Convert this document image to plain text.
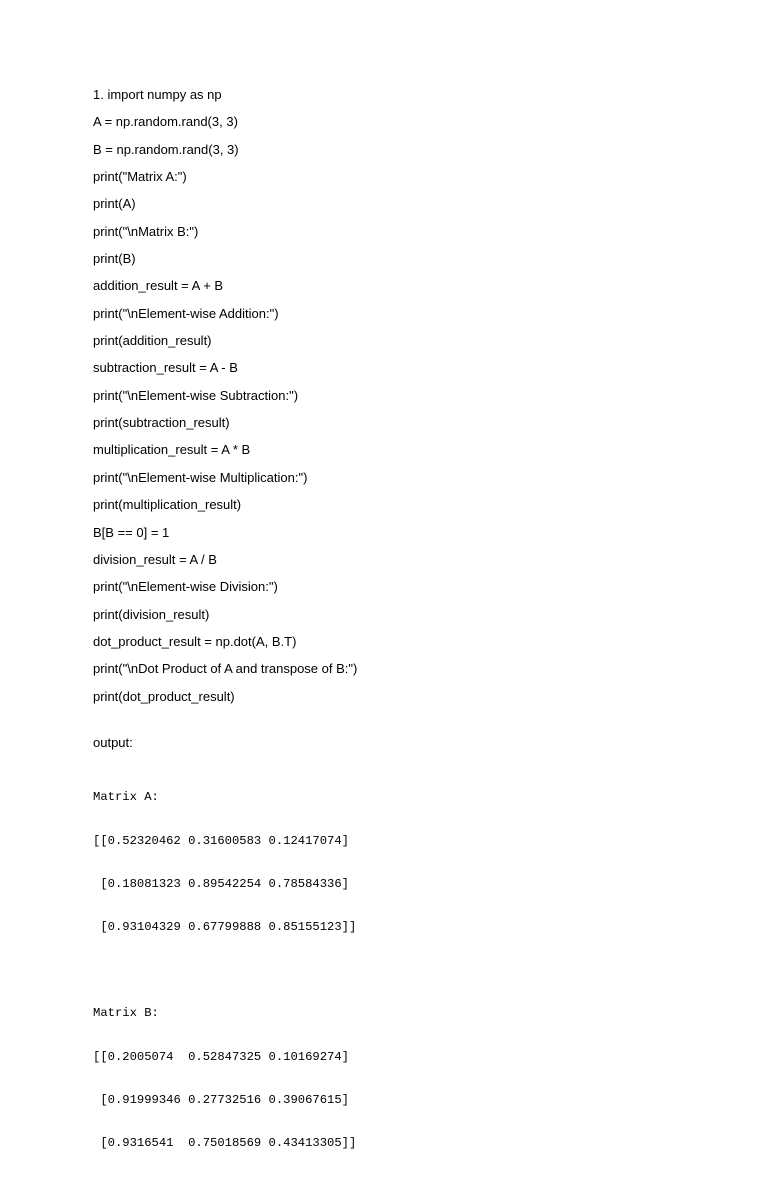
1. import numpy as np
A = np.random.rand(3, 3)
B = np.random.rand(3, 3)
print("Matrix A:")
print(A)
print("\nMatrix B:")
print(B)
addition_result = A + B
print("\nElement-wise Addition:")
print(addition_result)
subtraction_result = A - B
print("\nElement-wise Subtraction:")
print(subtraction_result)
multiplication_result = A * B
print("\nElement-wise Multiplication:")
print(multiplication_result)
B[B == 0] = 1
division_result = A / B
print("\nElement-wise Division:")
print(division_result)
dot_product_result = np.dot(A, B.T)
print("\nDot Product of A and transpose of B:")
print(dot_product_result)
output:

Matrix A:

[[0.52320462 0.31600583 0.12417074]

[0.18081323 0.89542254 0.78584336]

[0.93104329 0.67799888 0.85155123]]

Matrix B:

[[0.2005074  0.52847325 0.10169274]

[0.91999346 0.27732516 0.39067615]

[0.9316541  0.75018569 0.43413305]]
